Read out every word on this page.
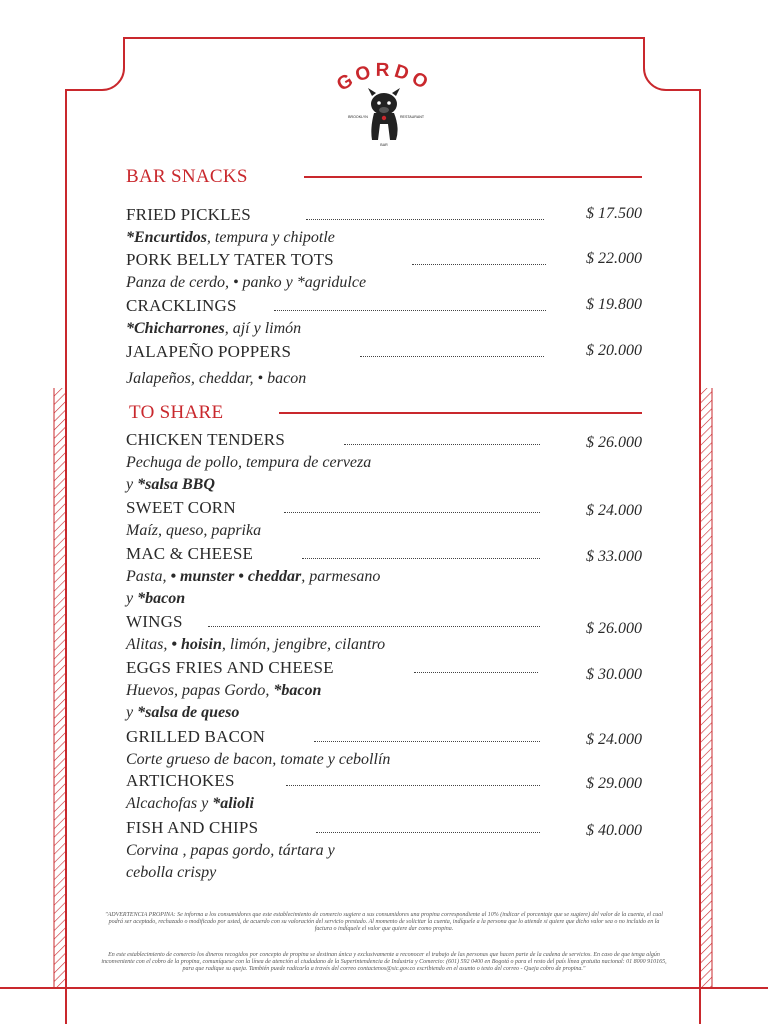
GORDO
BROOKLYN	RESTAURANT
BAR
BAR SNACKS
FRIED PICKLES	$ 17.500
*Encurtidos, tempura y chipotle
PORK BELLY TATER TOTS	$ 22.000
Panza de cerdo, • panko y *agridulce
CRACKLINGS	$ 19.800
*Chicharrones, ají y limón
JALAPEÑO POPPERS	$ 20.000
Jalapeños, cheddar, • bacon
TO SHARE
CHICKEN TENDERS	$ 26.000
Pechuga de pollo, tempura de cerveza
y *salsa BBQ
SWEET CORN	$ 24.000
Maíz, queso, paprika
MAC & CHEESE	$ 33.000
Pasta, • munster • cheddar, parmesano
y *bacon
WINGS	$ 26.000
Alitas, • hoisin, limón, jengibre, cilantro
EGGS FRIES AND CHEESE	$ 30.000
Huevos, papas Gordo, *bacon
y *salsa de queso
GRILLED BACON	$ 24.000
Corte grueso de bacon, tomate y cebollín
ARTICHOKES	$ 29.000
Alcachofas y *alioli
FISH AND CHIPS	$ 40.000
Corvina , papas gordo, tártara y
cebolla crispy
"ADVERTENCIA PROPINA: Se informa a los consumidores que este establecimiento de comercio sugiere a sus consumidores una propina correspondiente al 10% (indicar el porcentaje que se sugiere) del valor de la cuenta, el cual podrá ser aceptado, rechazado o modificado por usted, de acuerdo con su valoración del servicio prestado. Al momento de solicitar la cuenta, indíquele a la persona que lo atiende si quiere que dicho valor sea o no incluido en la factura o indíquele el valor que quiere dar como propina.
En este establecimiento de comercio los dineros recogidos por concepto de propina se destinan única y exclusivamente a reconocer el trabajo de las personas que hacen parte de la cadena de servicios. En caso de que tenga algún inconveniente con el cobro de la propina, comuníquese con la línea de atención al ciudadano de la Superintendencia de Industria y Comercio: (601) 592 0400 en Bogotá o para el resto del país línea gratuita nacional: 01 8000 910165, para que radique su queja. También puede radicarla a través del correo contactenos@sic.gov.co escribiendo en el asunto o texto del correo - Queja cobro de propina."
